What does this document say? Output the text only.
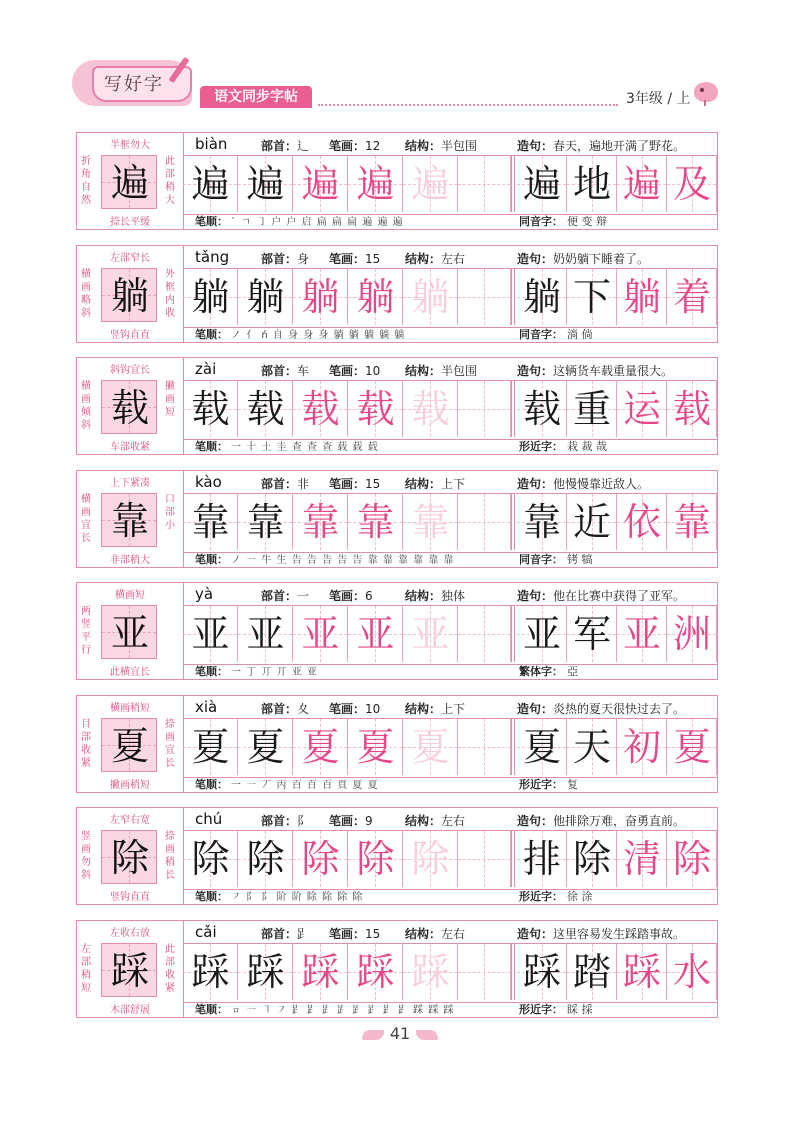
写好字
语文同步字帖	3年级 / 上
半框勿大
折角自然 遍	此部稍大
捺长平缓
biàn	部首：辶 笔画：12 结构：半包围	造句：春天，遍地开满了野花。
遍 遍 遍 遍 遍 遍 地 遍 及
笔顺： ˋ ㄱ ㇆ 户 户 启 扁 扁 扁 遍 遍 遍	同音字： 便 变 辩
左部窄长
横画略斜 躺	外框内收
竖钩直直
tǎng	部首：身 笔画：15 结构：左右	造句：奶奶躺下睡着了。
躺 躺 躺 躺 躺 躺 下 躺 着
笔顺： ノ 亻 ń 自 身 身 身 躺 躺 躺 躺 躺	同音字： 淌 倘
斜钩宜长
横画倾斜 载	撇画短
车部收紧
zài	部首：车 笔画：10 结构：半包围	造句：这辆货车载重量很大。
载 载 载 载 载 载 重 运 载
笔顺： 一 十 土 圭 查 查 查 载 载 载	形近字： 栽 裁 哉
上下紧凑
横画宜长 靠	口部小
非部稍大
kào	部首：非 笔画：15 结构：上下	造句：他慢慢靠近敌人。
靠 靠 靠 靠 靠 靠 近 依 靠
笔顺： ノ ㇐ 牛 生 告 告 告 告 告 靠 靠 靠 靠 靠 靠	同音字： 铐 犒
横画短
两竖平行 亚
此横宜长
yà	部首：一 笔画：6	结构：独体	造句：他在比赛中获得了亚军。
亚 亚 亚 亚 亚 亚 军 亚 洲
笔顺： 一 丁 丌 丌 亚 亚	繁体字： 亞
横画稍短
目部收紧 夏	捺画宜长
撇画稍短
xià	部首：夊 笔画：10 结构：上下	造句：炎热的夏天很快过去了。
夏 夏 夏 夏 夏 夏 天 初 夏
笔顺： 一 ㇐ 丆 丙 百 百 百 頁 夏 夏	形近字： 复
左窄右宽
竖画勿斜 除	捺画稍长
竖钩直直
chú	部首：阝 笔画：9	结构：左右	造句：他排除万难，奋勇直前。
除 除 除 除 除 排 除 清 除
笔顺： ㇇ 阝 阝 阶 阶 除 除 除 除	形近字： 徐 涂
左收右放
左部稍短 踩	此部收紧
木部舒展
cǎi	部首：𧾷 笔画：15 结构：左右	造句：这里容易发生踩踏事故。
踩 踩 踩 踩 踩 踩 踏 踩 水
笔顺： ㇿ ㇐ ㇕ ㇇ 𧾷 𧾷 𧾷 𧾷 𧾷 𧾷 𧾷 𧾷 踩 踩 踩	形近字： 睬 採
41
